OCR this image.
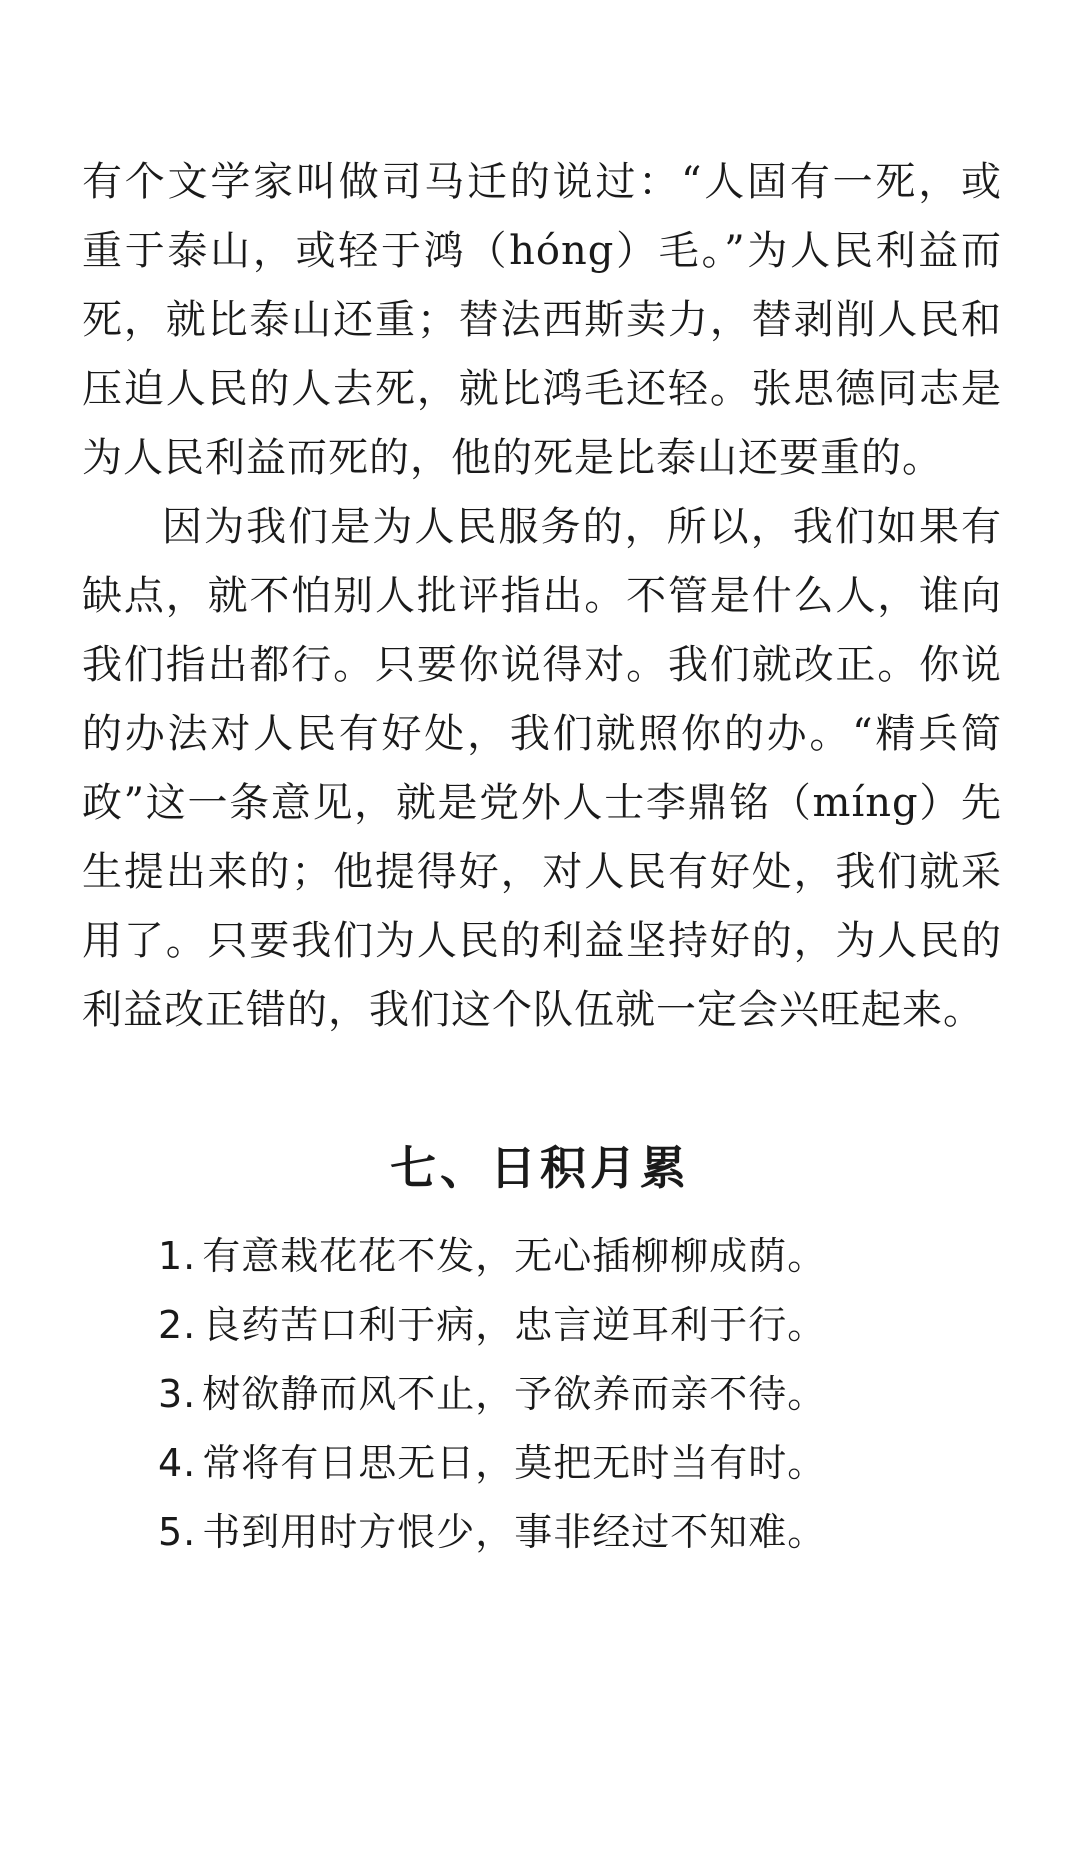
有个文学家叫做司马迁的说过：“人固有一死，或重于泰山，或轻于鸿（hóng）毛。”为人民利益而死，就比泰山还重；替法西斯卖力，替剥削人民和压迫人民的人去死，就比鸿毛还轻。张思德同志是为人民利益而死的，他的死是比泰山还要重的。

因为我们是为人民服务的，所以，我们如果有缺点，就不怕别人批评指出。不管是什么人，谁向我们指出都行。只要你说得对。我们就改正。你说的办法对人民有好处，我们就照你的办。“精兵简政”这一条意见，就是党外人士李鼎铭（míng）先生提出来的；他提得好，对人民有好处，我们就采用了。只要我们为人民的利益坚持好的，为人民的利益改正错的，我们这个队伍就一定会兴旺起来。

七、日积月累
1. 有意栽花花不发，无心插柳柳成荫。
2. 良药苦口利于病，忠言逆耳利于行。
3. 树欲静而风不止，予欲养而亲不待。
4. 常将有日思无日，莫把无时当有时。
5. 书到用时方恨少，事非经过不知难。
